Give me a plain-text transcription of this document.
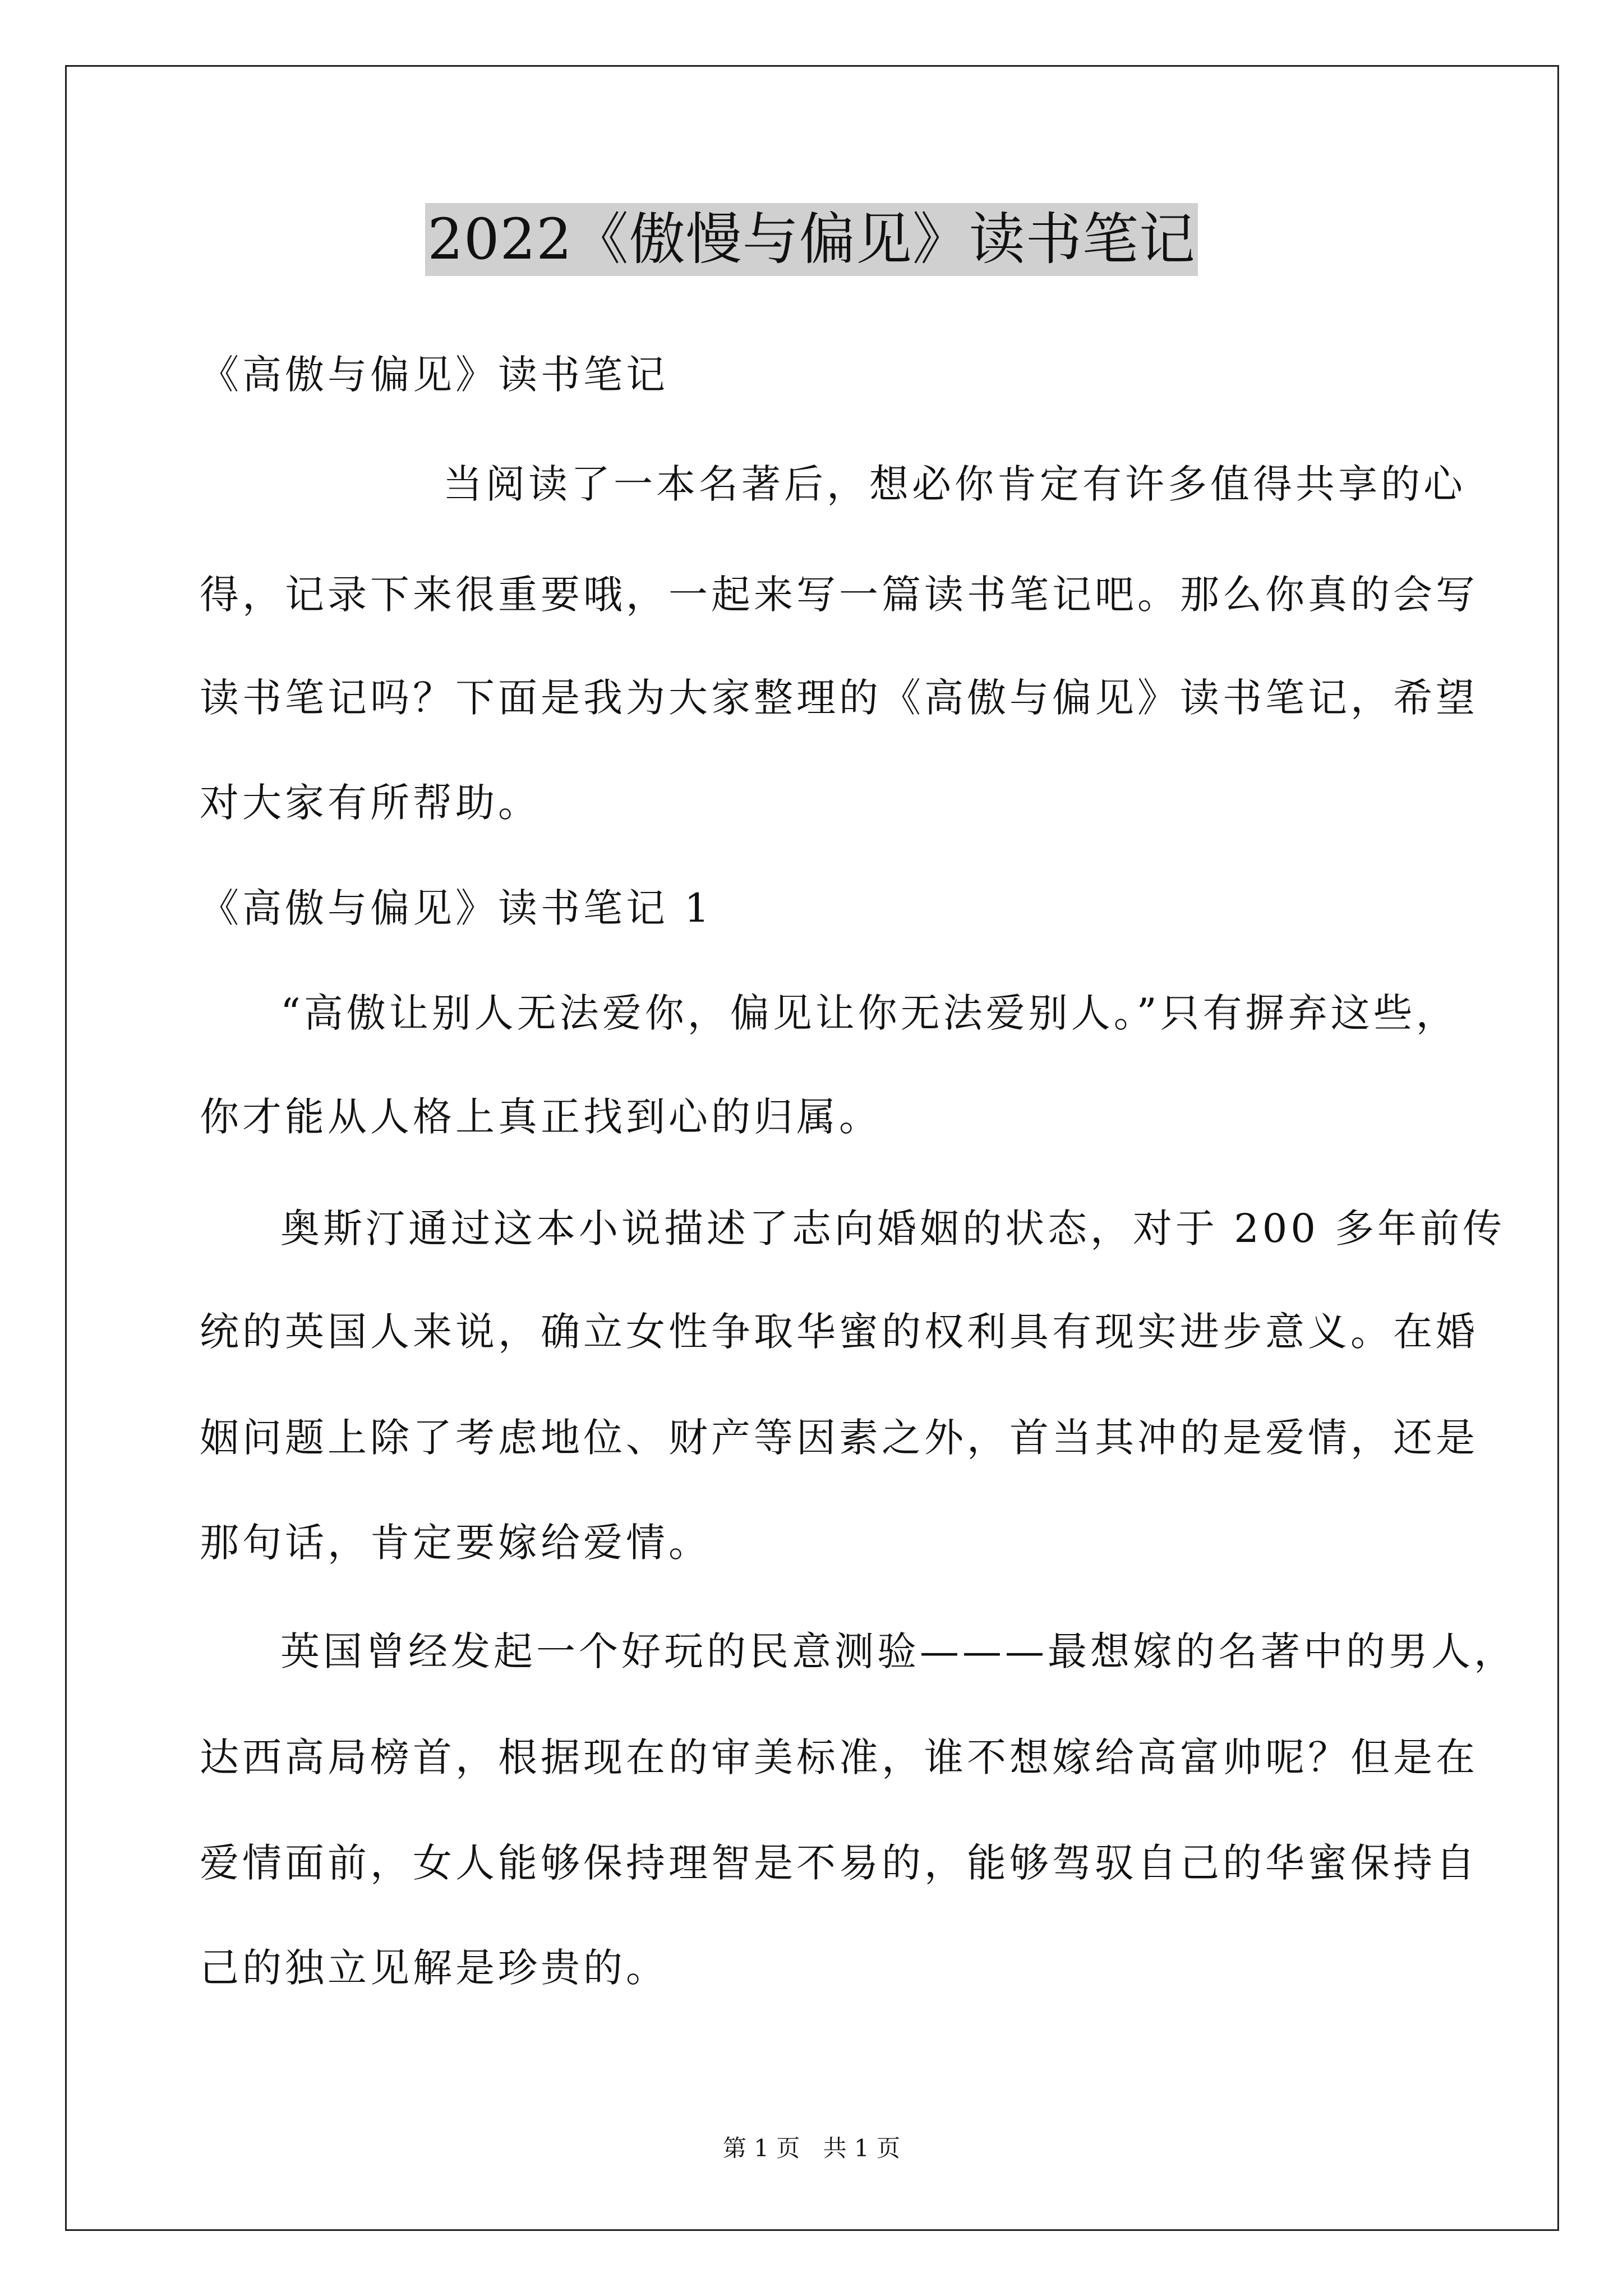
2022《傲慢与偏见》读书笔记

《高傲与偏见》读书笔记

当阅读了一本名著后，想必你肯定有许多值得共享的心

得，记录下来很重要哦，一起来写一篇读书笔记吧。那么你真的会写

读书笔记吗？下面是我为大家整理的《高傲与偏见》读书笔记，希望

对大家有所帮助。

《高傲与偏见》读书笔记 1

“高傲让别人无法爱你，偏见让你无法爱别人。”只有摒弃这些，

你才能从人格上真正找到心的归属。

奥斯汀通过这本小说描述了志向婚姻的状态，对于 200 多年前传

统的英国人来说，确立女性争取华蜜的权利具有现实进步意义。在婚

姻问题上除了考虑地位、财产等因素之外，首当其冲的是爱情，还是

那句话，肯定要嫁给爱情。

英国曾经发起一个好玩的民意测验———最想嫁的名著中的男人，

达西高局榜首，根据现在的审美标准，谁不想嫁给高富帅呢？但是在

爱情面前，女人能够保持理智是不易的，能够驾驭自己的华蜜保持自

己的独立见解是珍贵的。

第 1 页 共 1 页
